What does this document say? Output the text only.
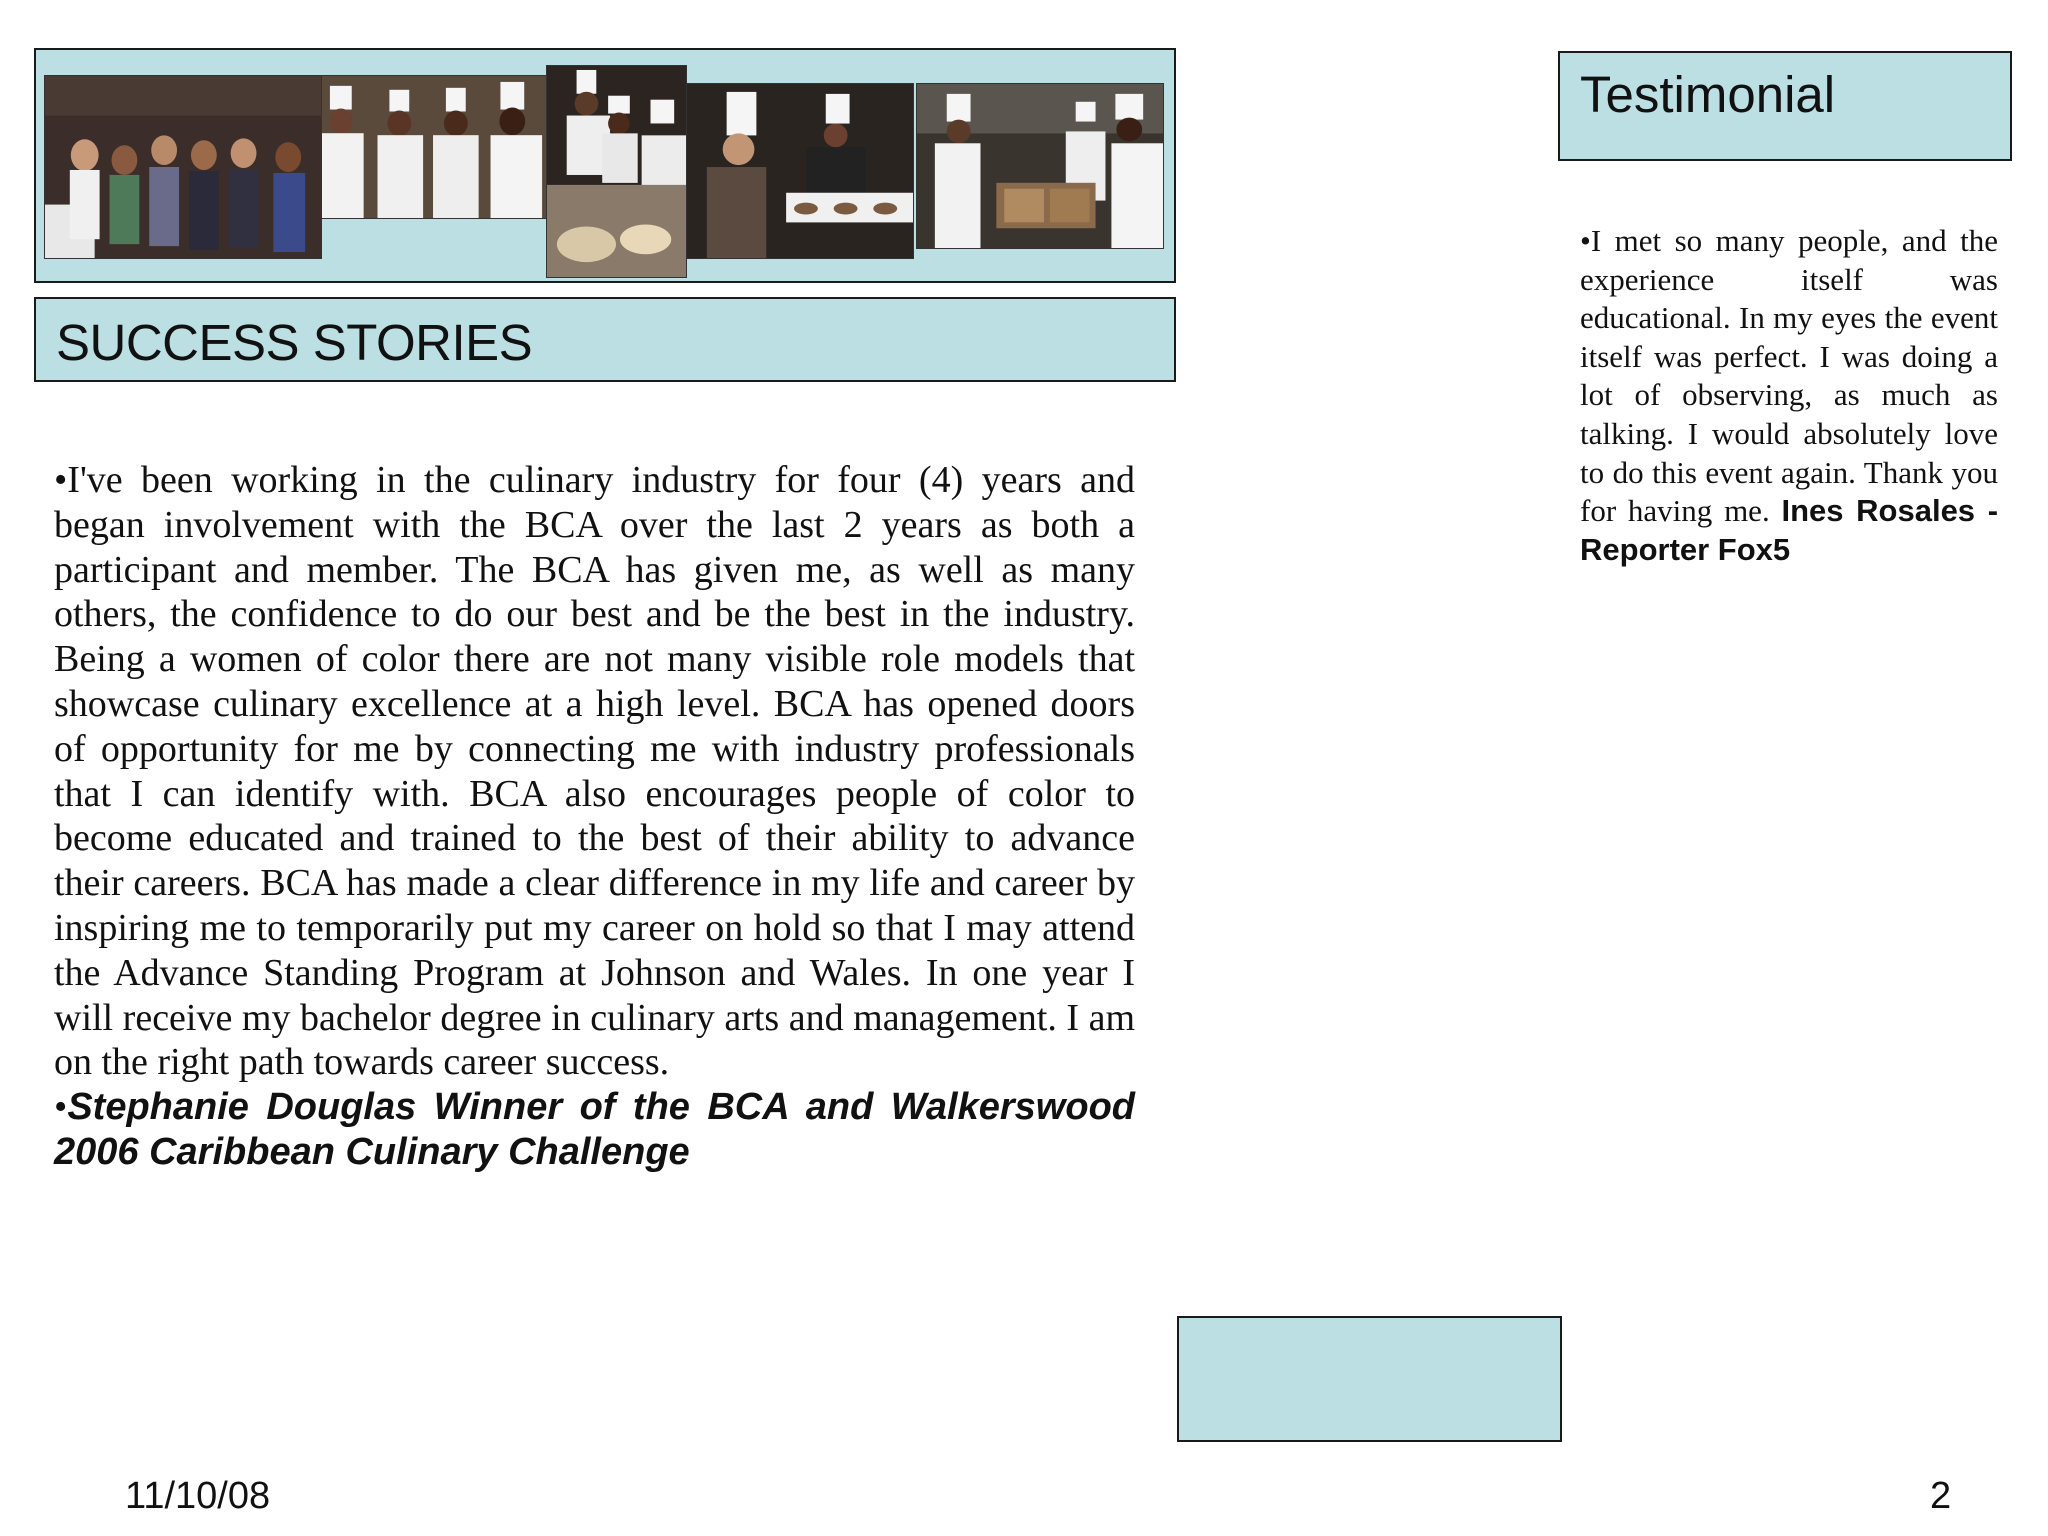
SUCCESS STORIES
•I've been working in the culinary industry for four (4) years and began involvement with the BCA over the last 2 years as both a participant and member. The BCA has given me, as well as many others, the confidence to do our best and be the best in the industry. Being a women of color there are not many visible role models that showcase culinary excellence at a high level. BCA has opened doors of opportunity for me by connecting me with industry professionals that I can identify with. BCA also encourages people of color to become educated and trained to the best of their ability to advance their careers. BCA has made a clear difference in my life and career by inspiring me to temporarily put my career on hold so that I may attend the Advance Standing Program at Johnson and Wales. In one year I will receive my bachelor degree in culinary arts and management. I am on the right path towards career success.
•Stephanie Douglas Winner of the BCA and Walkerswood 2006 Caribbean Culinary Challenge
Testimonial
•I met so many people, and the experience itself was educational. In my eyes the event itself was perfect. I was doing a lot of observing, as much as talking. I would absolutely love to do this event again. Thank you for having me. Ines Rosales -Reporter Fox5
11/10/08	2
